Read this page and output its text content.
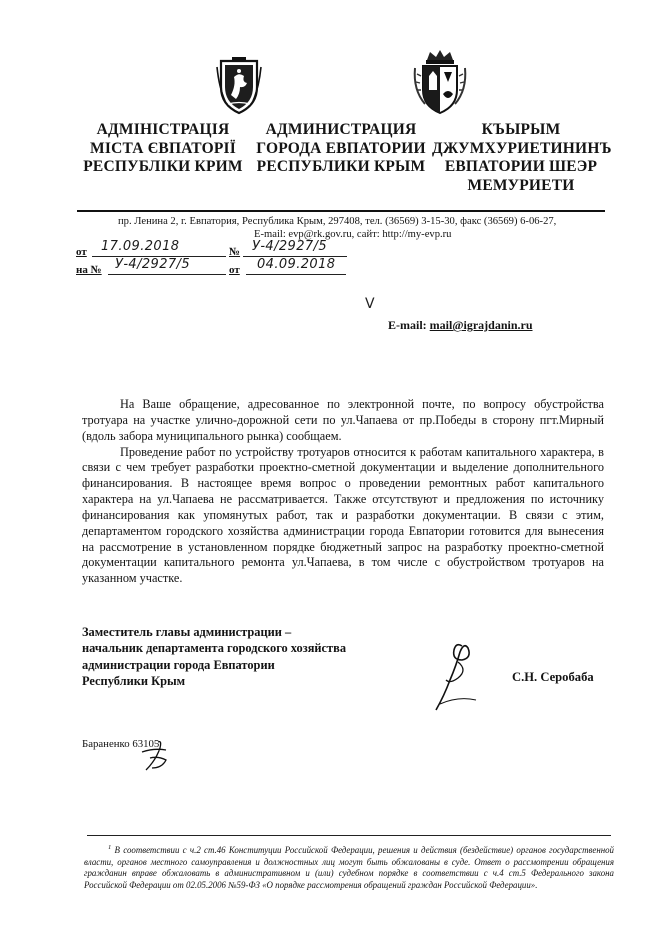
АДМІНІСТРАЦІЯ
МІСТА ЄВПАТОРІЇ
РЕСПУБЛІКИ КРИМ
АДМИНИСТРАЦИЯ
ГОРОДА ЕВПАТОРИИ
РЕСПУБЛИКИ КРЫМ
КЪЫРЫМ
ДЖУМХУРИЕТИНИНЪ
ЕВПАТОРИИ ШЕЭР
МЕМУРИЕТИ
пр. Ленина 2, г. Евпатория, Республика Крым, 297408, тел. (36569) 3-15-30, факс (36569) 6-06-27,
E-mail: evp@rk.gov.ru, сайт: http://my-evp.ru
от 17.09.2018	№ У-4/2927/5
на № У-4/2927/5	от 04.09.2018
V
E-mail: mail@igrajdanin.ru

На Ваше обращение, адресованное по электронной почте, по вопросу обустройства тротуара на участке улично-дорожной сети по ул.Чапаева от пр.Победы в сторону пгт.Мирный (вдоль забора муниципального рынка) сообщаем.

Проведение работ по устройству тротуаров относится к работам капитального характера, в связи с чем требует разработки проектно-сметной документации и выделение дополнительного финансирования. В настоящее время вопрос о проведении ремонтных работ капитального характера на ул.Чапаева не рассматривается. Также отсутствуют и предложения по источнику финансирования как упомянутых работ, так и разработки документации. В связи с этим, департаментом городского хозяйства администрации города Евпатории готовится для вынесения на рассмотрение в установленном порядке бюджетный запрос на разработку проектно-сметной документации капитального ремонта ул.Чапаева, в том числе с обустройством тротуаров на указанном участке.

Заместитель главы администрации –
начальник департамента городского хозяйства
администрации города Евпатории
Республики Крым	С.Н. Серобаба
Бараненко 63105
$^1$ В соответствии с ч.2 ст.46 Конституции Российской Федерации, решения и действия (бездействие) органов государственной власти, органов местного самоуправления и должностных лиц могут быть обжалованы в суде. Ответ о рассмотрении обращения гражданин вправе обжаловать в административном и (или) судебном порядке в соответствии с ч.4 ст.5 Федерального закона Российской Федерации от 02.05.2006 №59-ФЗ «О порядке рассмотрения обращений граждан Российской Федерации».
